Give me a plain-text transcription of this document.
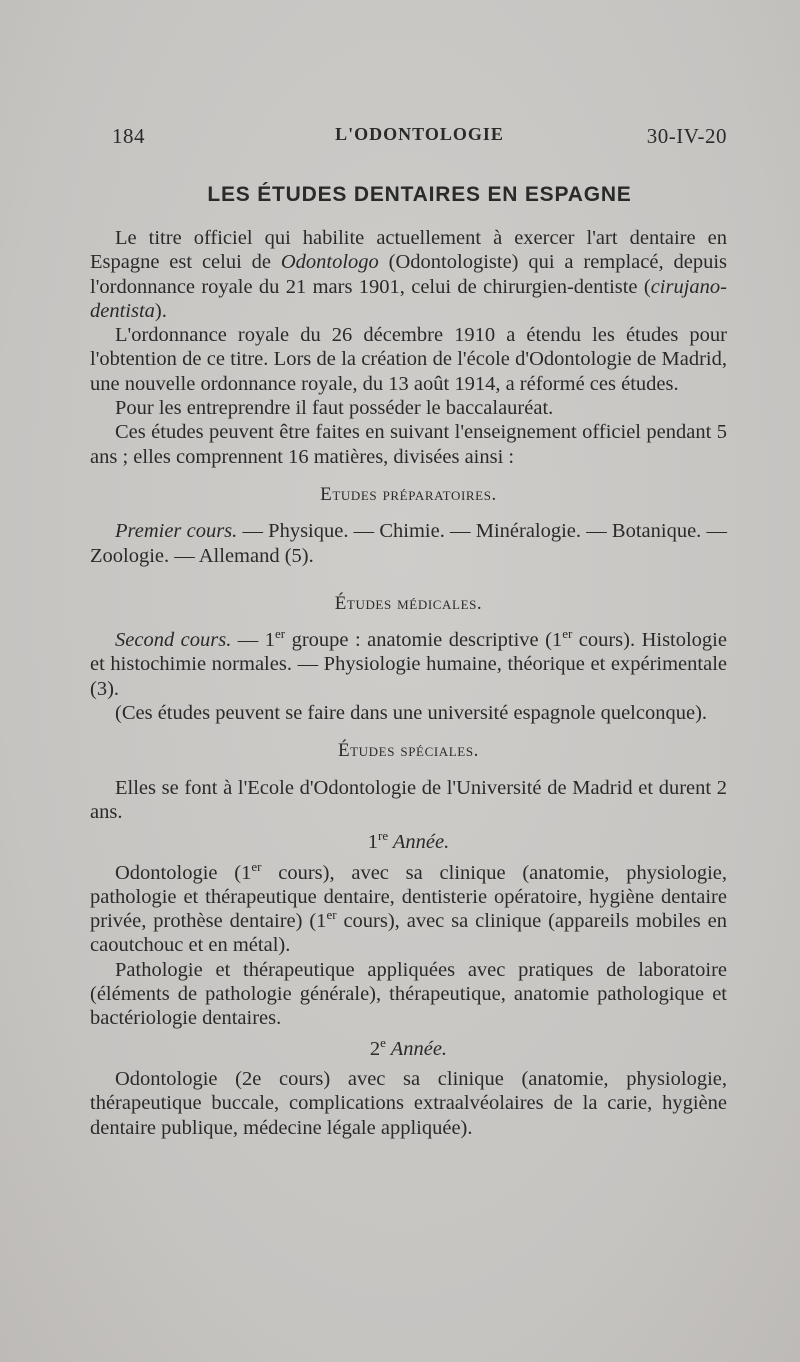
184	L'ODONTOLOGIE	30-IV-20
LES ÉTUDES DENTAIRES EN ESPAGNE

Le titre officiel qui habilite actuellement à exercer l'art dentaire en Espagne est celui de Odontologo (Odontologiste) qui a remplacé, depuis l'ordonnance royale du 21 mars 1901, celui de chirurgien-dentiste (cirujano-dentista).

L'ordonnance royale du 26 décembre 1910 a étendu les études pour l'obtention de ce titre. Lors de la création de l'école d'Odontologie de Madrid, une nouvelle ordonnance royale, du 13 août 1914, a réformé ces études.

Pour les entreprendre il faut posséder le baccalauréat.

Ces études peuvent être faites en suivant l'enseignement officiel pendant 5 ans ; elles comprennent 16 matières, divisées ainsi :

Etudes préparatoires.

Premier cours. — Physique. — Chimie. — Minéralogie. — Botanique. — Zoologie. — Allemand (5).

Études médicales.

Second cours. — 1er groupe : anatomie descriptive (1er cours). Histologie et histochimie normales. — Physiologie humaine, théorique et expérimentale (3).

(Ces études peuvent se faire dans une université espagnole quelconque).

Études spéciales.

Elles se font à l'Ecole d'Odontologie de l'Université de Madrid et durent 2 ans.

1re Année.

Odontologie (1er cours), avec sa clinique (anatomie, physiologie, pathologie et thérapeutique dentaire, dentisterie opératoire, hygiène dentaire privée, prothèse dentaire) (1er cours), avec sa clinique (appareils mobiles en caoutchouc et en métal).

Pathologie et thérapeutique appliquées avec pratiques de laboratoire (éléments de pathologie générale), thérapeutique, anatomie pathologique et bactériologie dentaires.

2e Année.

Odontologie (2e cours) avec sa clinique (anatomie, physiologie, thérapeutique buccale, complications extraalvéolaires de la carie, hygiène dentaire publique, médecine légale appliquée).
